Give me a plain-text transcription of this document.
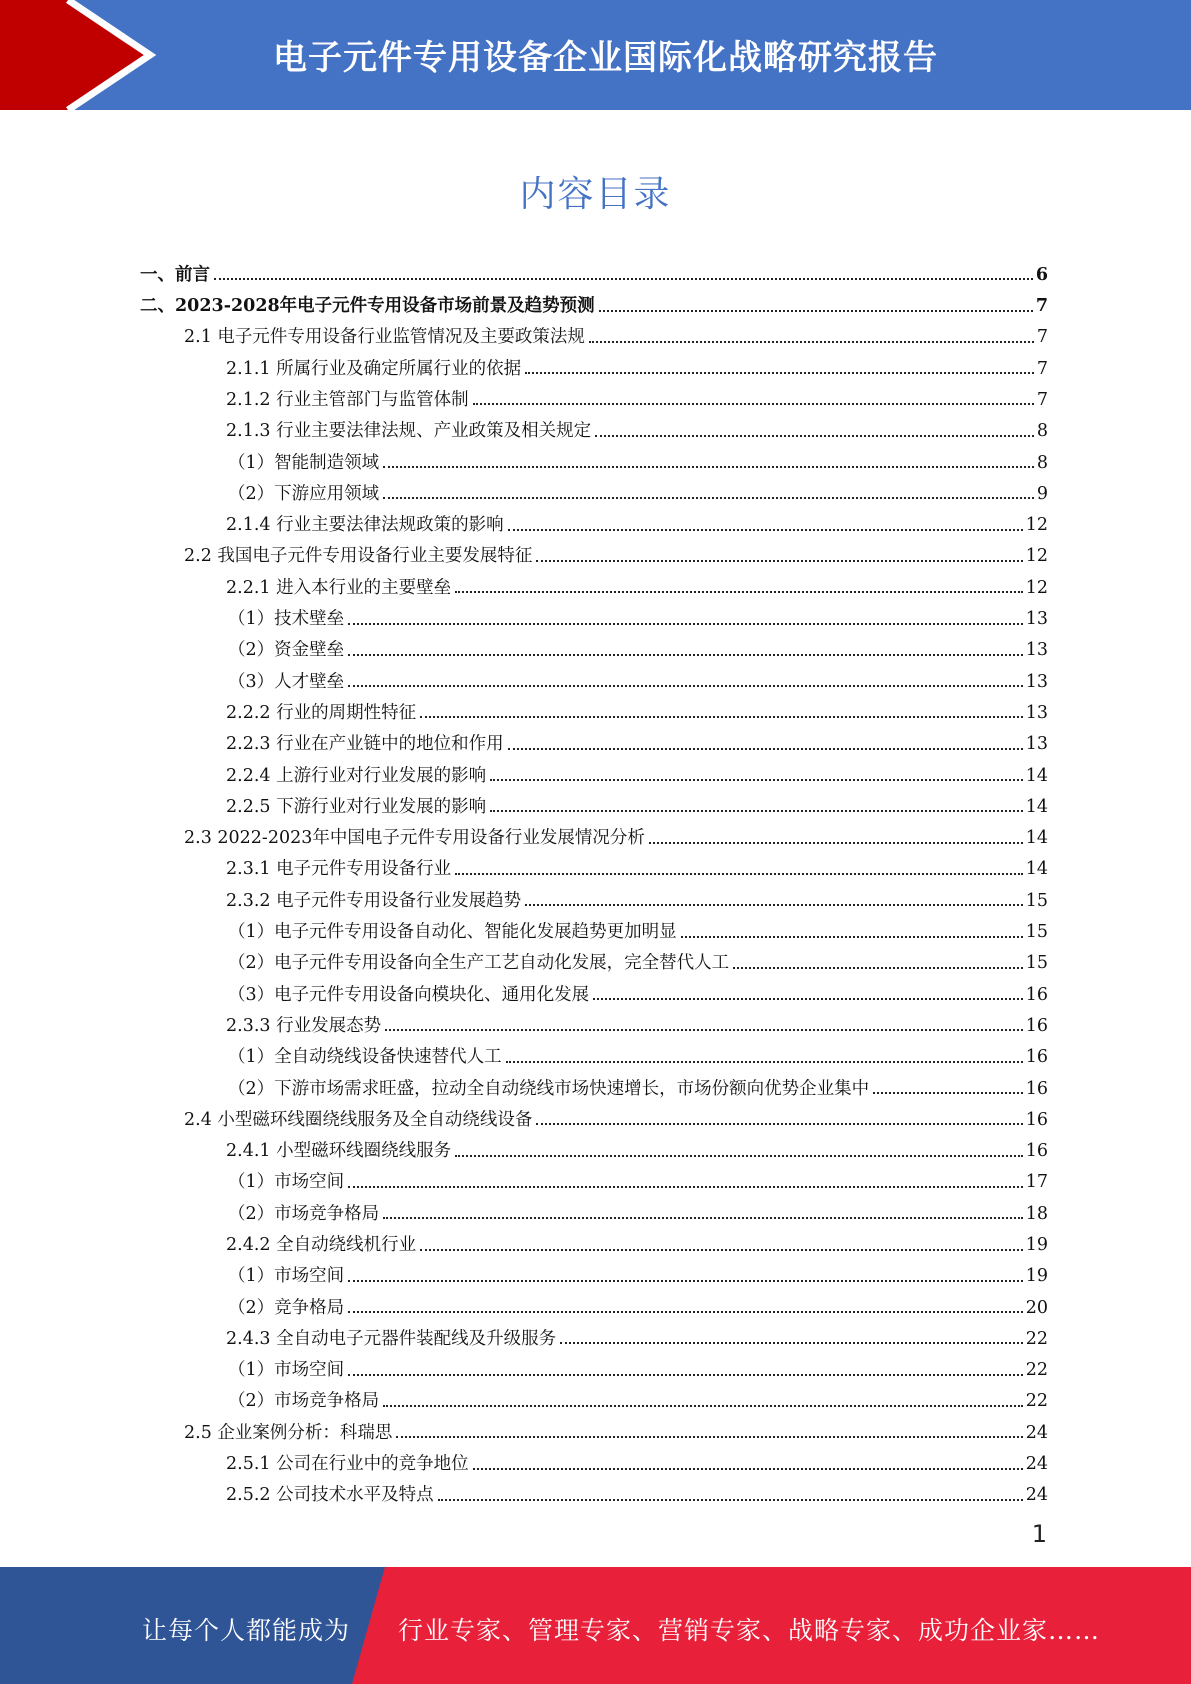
电子元件专用设备企业国际化战略研究报告
内容目录
一、前言	6
二、2023-2028年电子元件专用设备市场前景及趋势预测	7
2.1 电子元件专用设备行业监管情况及主要政策法规	7
2.1.1 所属行业及确定所属行业的依据	7
2.1.2 行业主管部门与监管体制	7
2.1.3 行业主要法律法规、产业政策及相关规定	8
（1）智能制造领域	8
（2）下游应用领域	9
2.1.4 行业主要法律法规政策的影响	12
2.2 我国电子元件专用设备行业主要发展特征	12
2.2.1 进入本行业的主要壁垒	12
（1）技术壁垒	13
（2）资金壁垒	13
（3）人才壁垒	13
2.2.2 行业的周期性特征	13
2.2.3 行业在产业链中的地位和作用	13
2.2.4 上游行业对行业发展的影响	14
2.2.5 下游行业对行业发展的影响	14
2.3 2022-2023年中国电子元件专用设备行业发展情况分析	14
2.3.1 电子元件专用设备行业	14
2.3.2 电子元件专用设备行业发展趋势	15
（1）电子元件专用设备自动化、智能化发展趋势更加明显	15
（2）电子元件专用设备向全生产工艺自动化发展，完全替代人工	15
（3）电子元件专用设备向模块化、通用化发展	16
2.3.3 行业发展态势	16
（1）全自动绕线设备快速替代人工	16
（2）下游市场需求旺盛，拉动全自动绕线市场快速增长，市场份额向优势企业集中	16
2.4 小型磁环线圈绕线服务及全自动绕线设备	16
2.4.1 小型磁环线圈绕线服务	16
（1）市场空间	17
（2）市场竞争格局	18
2.4.2 全自动绕线机行业	19
（1）市场空间	19
（2）竞争格局	20
2.4.3 全自动电子元器件装配线及升级服务	22
（1）市场空间	22
（2）市场竞争格局	22
2.5 企业案例分析：科瑞思	24
2.5.1 公司在行业中的竞争地位	24
2.5.2 公司技术水平及特点	24
1
让每个人都能成为 行业专家、管理专家、营销专家、战略专家、成功企业家……
